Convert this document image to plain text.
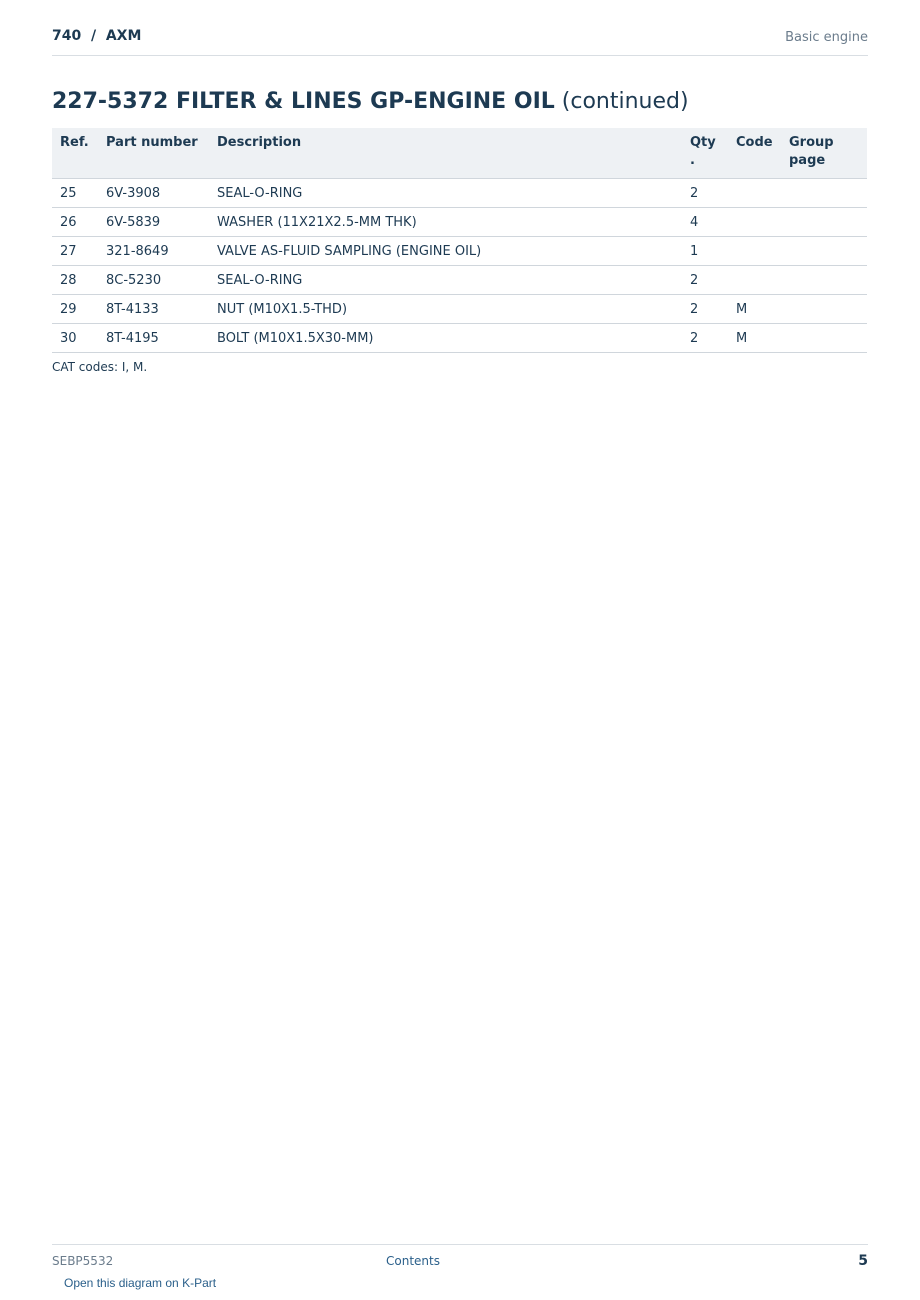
740  /  AXM	Basic engine
227-5372 FILTER & LINES GP-ENGINE OIL (continued)
Ref.	Part number	Description	Qty .	Code	Group page
25	6V-3908	SEAL-O-RING	2		
26	6V-5839	WASHER (11X21X2.5-MM THK)	4		
27	321-8649	VALVE AS-FLUID SAMPLING (ENGINE OIL)	1		
28	8C-5230	SEAL-O-RING	2		
29	8T-4133	NUT (M10X1.5-THD)	2	M	
30	8T-4195	BOLT (M10X1.5X30-MM)	2	M	
CAT codes: I, M.
SEBP5532	Contents	5
Open this diagram on K-Part
